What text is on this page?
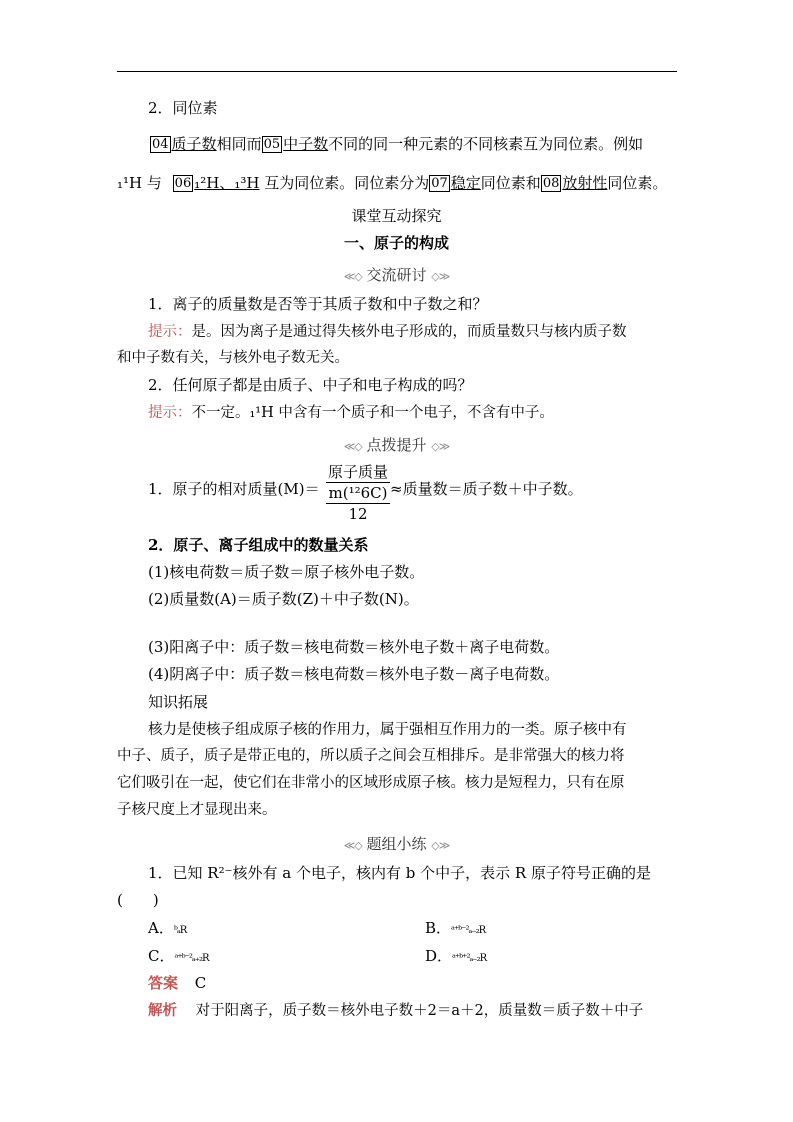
2．同位素
04 质子数相同而 05 中子数不同的同一种元素的不同核素互为同位素。例如
₁¹H 与 06 ₁²H、₁³H 互为同位素。同位素分为 07 稳定同位素和 08 放射性同位素。
课堂互动探究
一、原子的构成
≪◇ 交流研讨 ◇≫
1．离子的质量数是否等于其质子数和中子数之和？
提示：是。因为离子是通过得失核外电子形成的，而质量数只与核内质子数
和中子数有关，与核外电子数无关。
2．任何原子都是由质子、中子和电子构成的吗？
提示：不一定。₁¹H 中含有一个质子和一个电子，不含有中子。
≪◇ 点拨提升 ◇≫
1．原子的相对质量(M)＝
原子质量
m(¹²6C)
12
≈质量数＝质子数＋中子数。
2．原子、离子组成中的数量关系
(1)核电荷数＝质子数＝原子核外电子数。
(2)质量数(A)＝质子数(Z)＋中子数(N)。
(3)阳离子中：质子数＝核电荷数＝核外电子数＋离子电荷数。
(4)阴离子中：质子数＝核电荷数＝核外电子数－离子电荷数。
知识拓展
核力是使核子组成原子核的作用力，属于强相互作用力的一类。原子核中有
中子、质子，质子是带正电的，所以质子之间会互相排斥。是非常强大的核力将
它们吸引在一起，使它们在非常小的区域形成原子核。核力是短程力，只有在原
子核尺度上才显现出来。
≪◇ 题组小练 ◇≫
1．已知 R²⁻核外有 a 个电子，核内有 b 个中子，表示 R 原子符号正确的是
(　　)
A．ᵇₐR	B．ᵃ⁺ᵇ⁻²ₐ₋₂R
C．ᵃ⁺ᵇ⁻²ₐ₊₂R	D．ᵃ⁺ᵇ⁺²ₐ₋₂R
答案 C
解析 对于阳离子，质子数＝核外电子数＋2＝a＋2，质量数＝质子数＋中子
